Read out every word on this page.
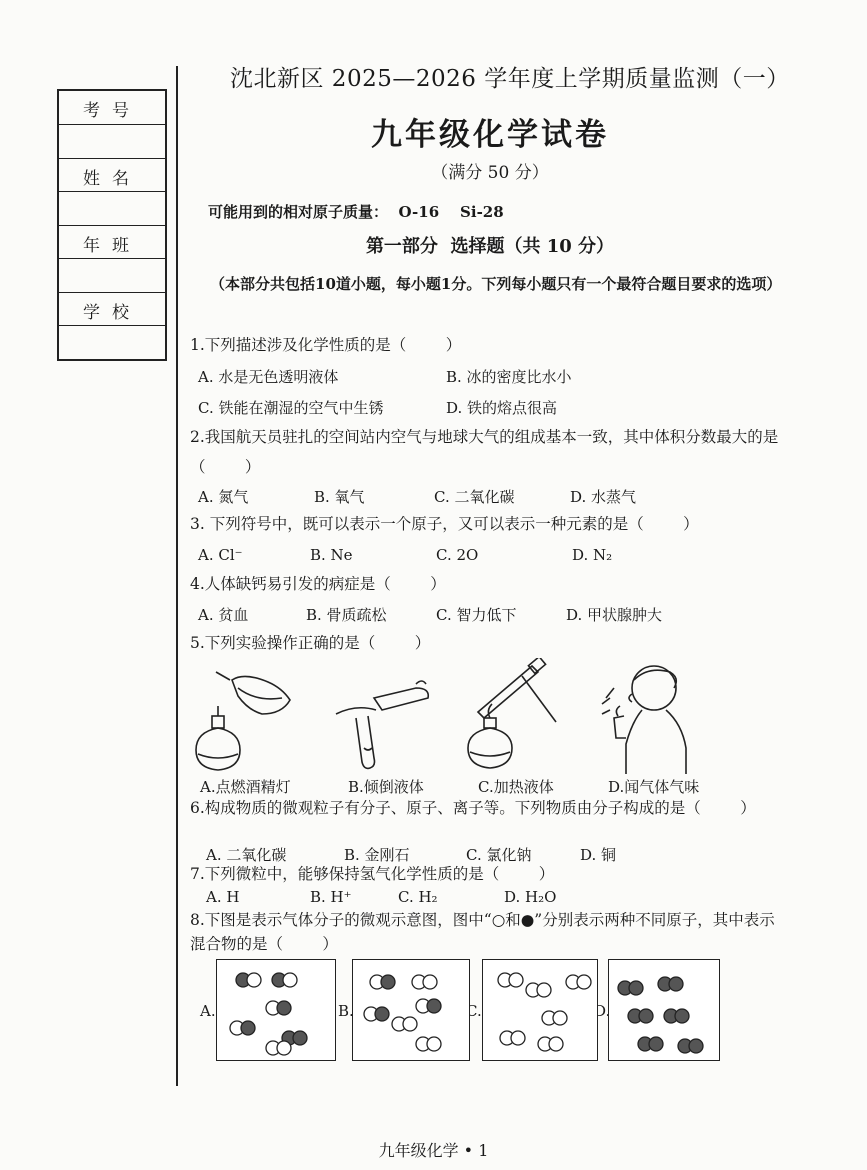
考号
姓名
年班
学校
沈北新区 2025—2026 学年度上学期质量监测（一）
九年级化学试卷
（满分 50 分）
可能用到的相对原子质量：  O-16    Si-28
第一部分  选择题（共 10 分）
（本部分共包括10道小题，每小题1分。下列每小题只有一个最符合题目要求的选项）
1.下列描述涉及化学性质的是（        ）
A. 水是无色透明液体	B. 冰的密度比水小
C. 铁能在潮湿的空气中生锈	D. 铁的熔点很高
2.我国航天员驻扎的空间站内空气与地球大气的组成基本一致，其中体积分数最大的是（        ）
A. 氮气	B. 氧气	C. 二氧化碳	D. 水蒸气
3. 下列符号中，既可以表示一个原子，又可以表示一种元素的是（        ）
A. Cl⁻	B. Ne	C. 2O	D. N₂
4.人体缺钙易引发的病症是（        ）
A. 贫血	B. 骨质疏松	C. 智力低下	D. 甲状腺肿大
5.下列实验操作正确的是（        ）
A.点燃酒精灯	B.倾倒液体	C.加热液体	D.闻气体气味
6.构成物质的微观粒子有分子、原子、离子等。下列物质由分子构成的是（        ）
A. 二氧化碳	B. 金刚石	C. 氯化钠	D. 铜
7.下列微粒中，能够保持氢气化学性质的是（        ）
A. H	B. H⁺	C. H₂	D. H₂O
8.下图是表示气体分子的微观示意图，图中“○和●”分别表示两种不同原子，其中表示混合物的是（        ）
A.	B.	C.	D.
九年级化学 • 1
